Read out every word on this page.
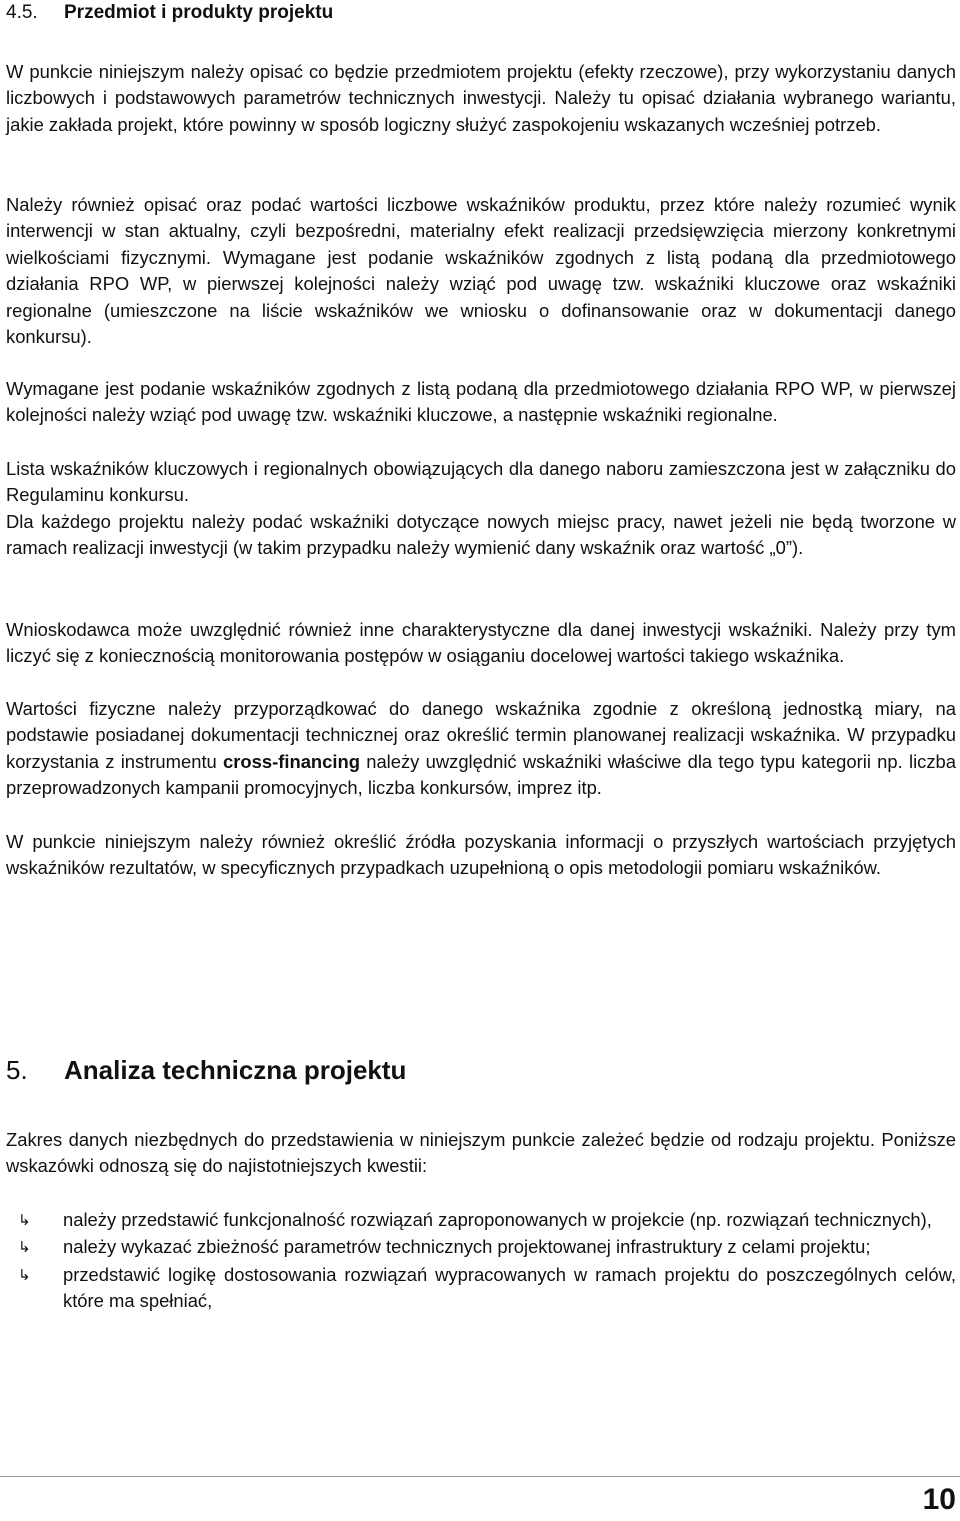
4.5. Przedmiot i produkty projektu

W punkcie niniejszym należy opisać co będzie przedmiotem projektu (efekty rzeczowe), przy wykorzystaniu danych liczbowych i podstawowych parametrów technicznych inwestycji. Należy tu opisać działania wybranego wariantu, jakie zakłada projekt, które powinny w sposób logiczny służyć zaspokojeniu wskazanych wcześniej potrzeb.

Należy również opisać oraz podać wartości liczbowe wskaźników produktu, przez które należy rozumieć wynik interwencji w stan aktualny, czyli bezpośredni, materialny efekt realizacji przedsięwzięcia mierzony konkretnymi wielkościami fizycznymi. Wymagane jest podanie wskaźników zgodnych z listą podaną dla przedmiotowego działania RPO WP, w pierwszej kolejności należy wziąć pod uwagę tzw. wskaźniki kluczowe oraz wskaźniki regionalne (umieszczone na liście wskaźników we wniosku o dofinansowanie oraz w dokumentacji danego konkursu).

Wymagane jest podanie wskaźników zgodnych z listą podaną dla przedmiotowego działania RPO WP, w pierwszej kolejności należy wziąć pod uwagę tzw. wskaźniki kluczowe, a następnie wskaźniki regionalne.

Lista wskaźników kluczowych i regionalnych obowiązujących dla danego naboru zamieszczona jest w załączniku do Regulaminu konkursu.

Dla każdego projektu należy podać wskaźniki dotyczące nowych miejsc pracy, nawet jeżeli nie będą tworzone w ramach realizacji inwestycji (w takim przypadku należy wymienić dany wskaźnik oraz wartość „0”).

Wnioskodawca może uwzględnić również inne charakterystyczne dla danej inwestycji wskaźniki. Należy przy tym liczyć się z koniecznością monitorowania postępów w osiąganiu docelowej wartości takiego wskaźnika.

Wartości fizyczne należy przyporządkować do danego wskaźnika zgodnie z określoną jednostką miary, na podstawie posiadanej dokumentacji technicznej oraz określić termin planowanej realizacji wskaźnika. W przypadku korzystania z instrumentu cross-financing należy uwzględnić wskaźniki właściwe dla tego typu kategorii np. liczba przeprowadzonych kampanii promocyjnych, liczba konkursów, imprez itp.

W punkcie niniejszym należy również określić źródła pozyskania informacji o przyszłych wartościach przyjętych wskaźników rezultatów, w specyficznych przypadkach uzupełnioną o opis metodologii pomiaru wskaźników.

5. Analiza techniczna projektu

Zakres danych niezbędnych do przedstawienia w niniejszym punkcie zależeć będzie od rodzaju projektu. Poniższe wskazówki odnoszą się do najistotniejszych kwestii:

↳ należy przedstawić funkcjonalność rozwiązań zaproponowanych w projekcie (np. rozwiązań technicznych),
↳ należy wykazać zbieżność parametrów technicznych projektowanej infrastruktury z celami projektu;
↳ przedstawić logikę dostosowania rozwiązań wypracowanych w ramach projektu do poszczególnych celów, które ma spełniać,
10
